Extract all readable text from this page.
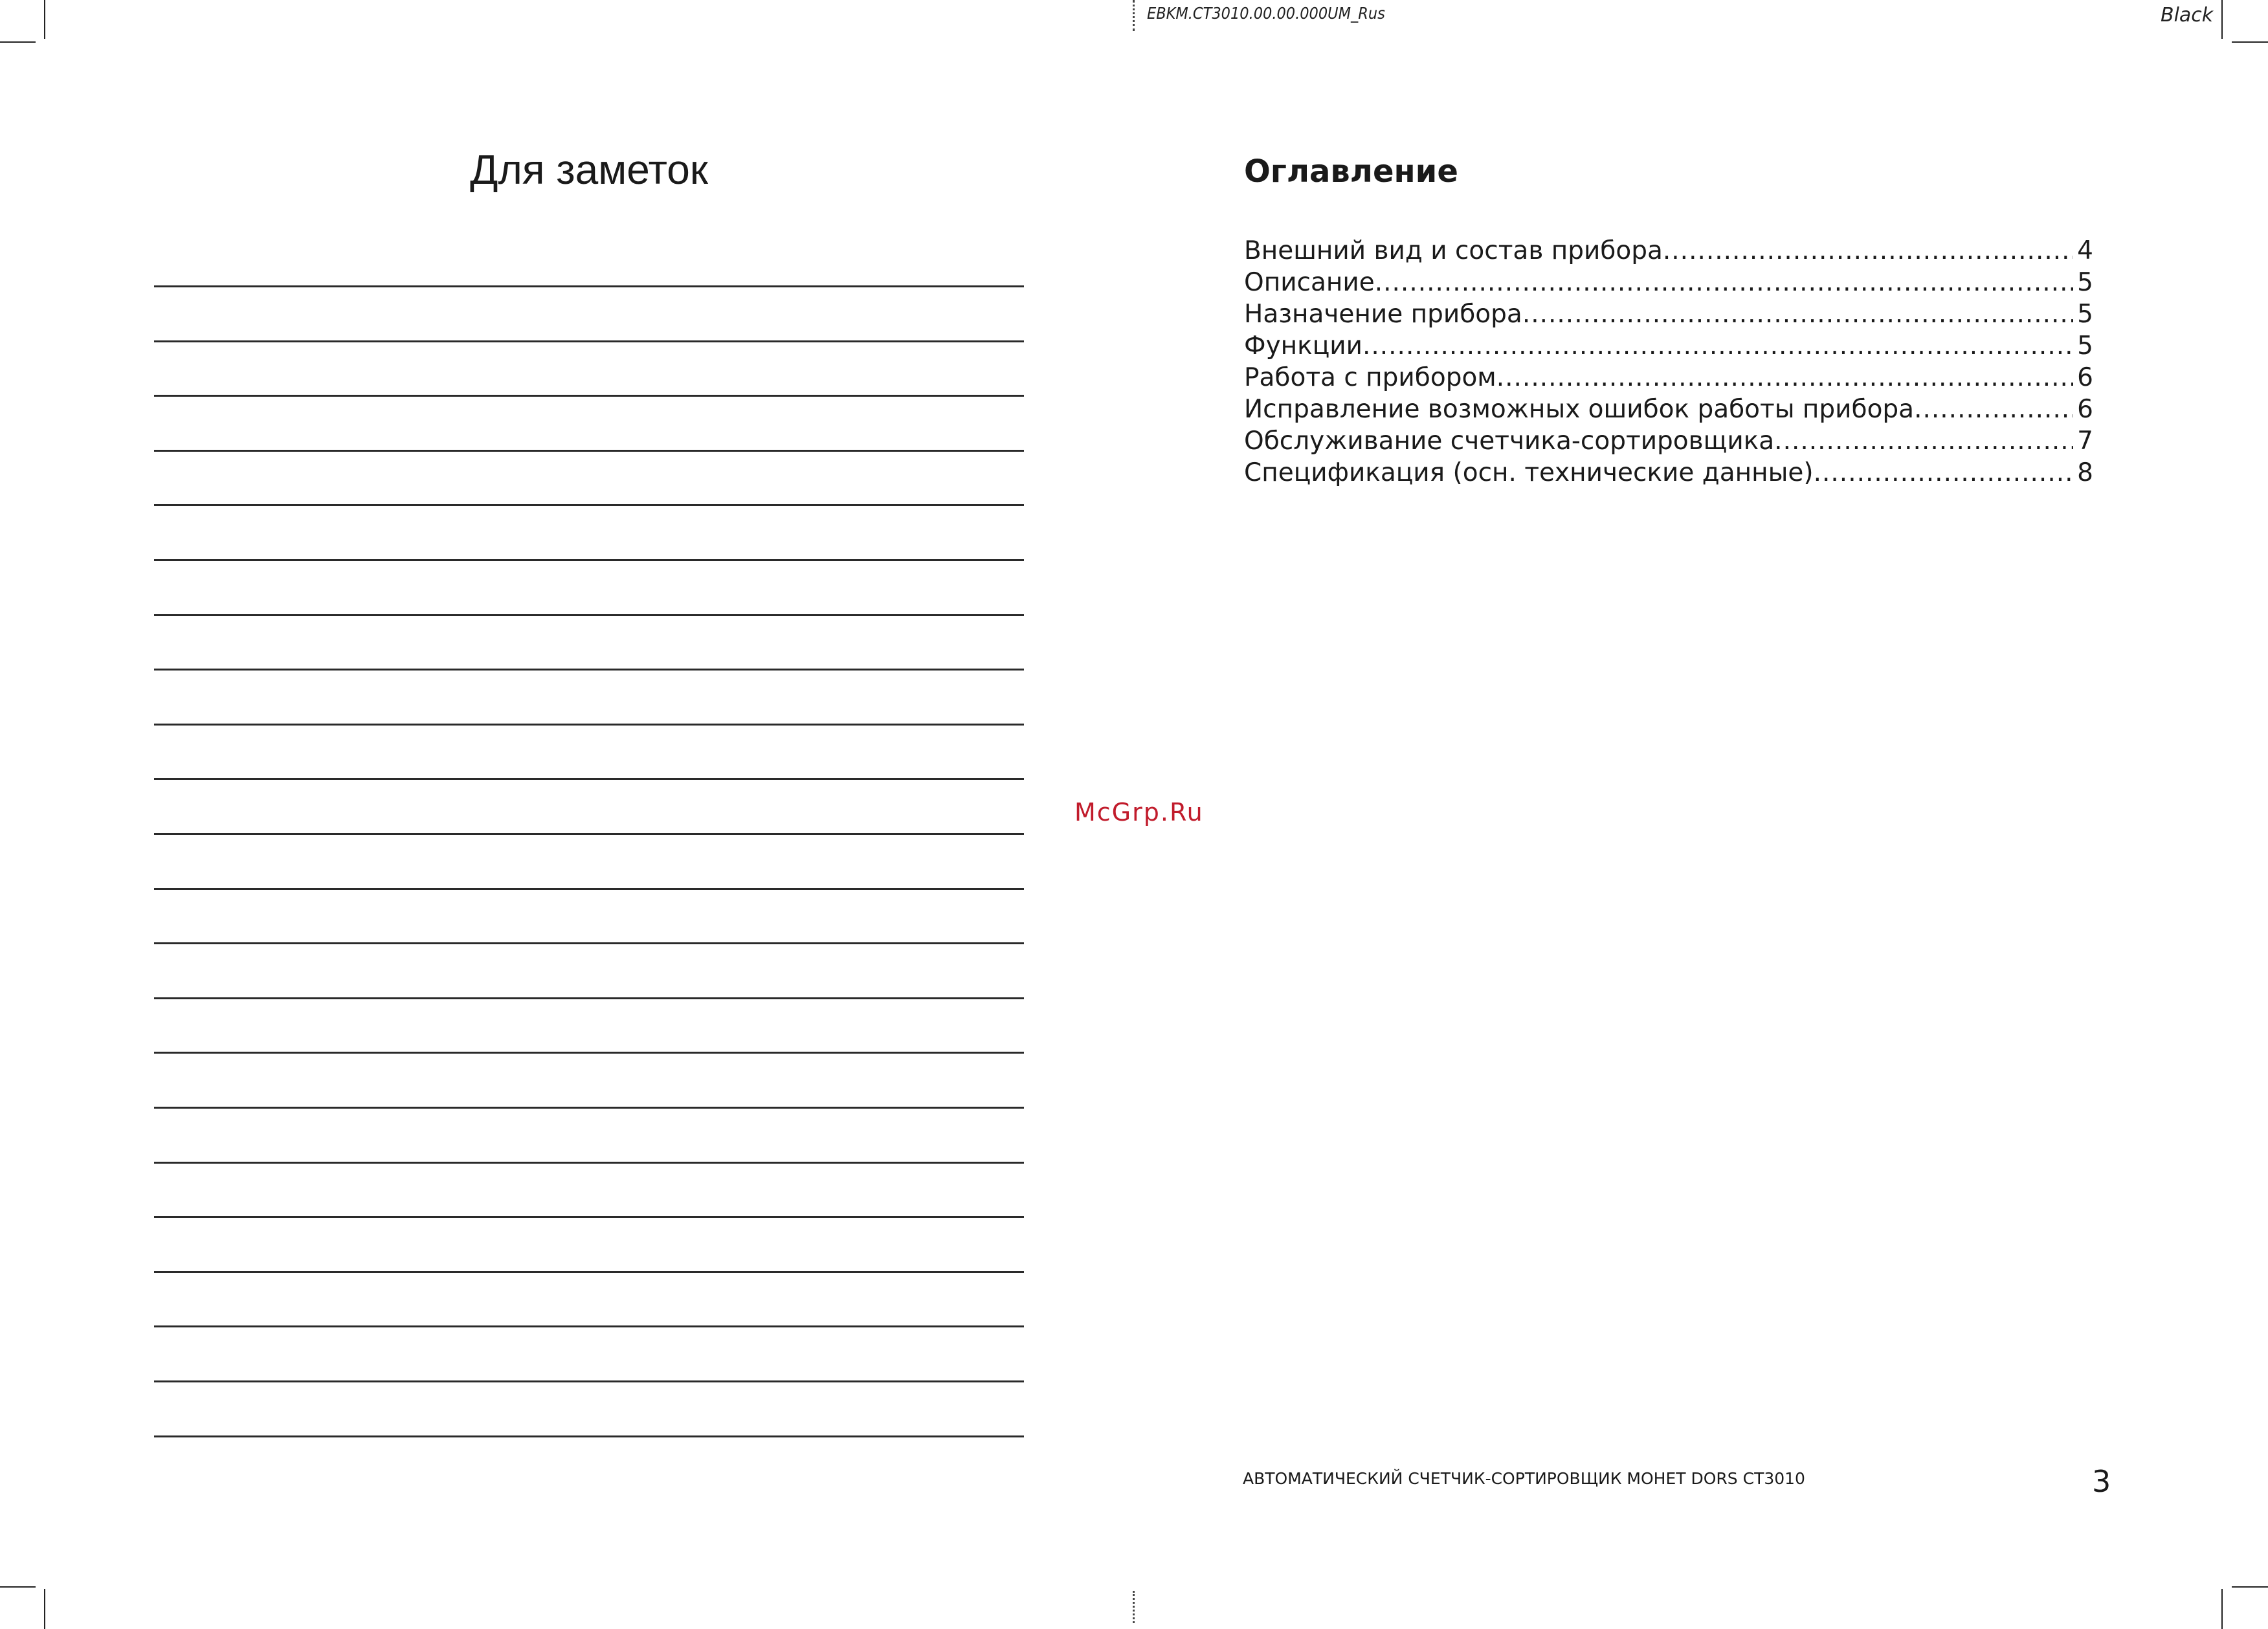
EBKM.CT3010.00.00.000UM_Rus	Black
Для заметок
McGrp.Ru
Оглавление
Внешний вид и состав прибора .....	4
Описание .....	5
Назначение прибора .....	5
Функции .....	5
Работа с прибором .....	6
Исправление возможных ошибок работы прибора .....	6
Обслуживание счетчика-сортировщика .....	7
Спецификация (осн. технические данные) .....	8
АВТОМАТИЧЕСКИЙ СЧЕТЧИК-СОРТИРОВЩИК МОНЕТ DORS CT3010	3
